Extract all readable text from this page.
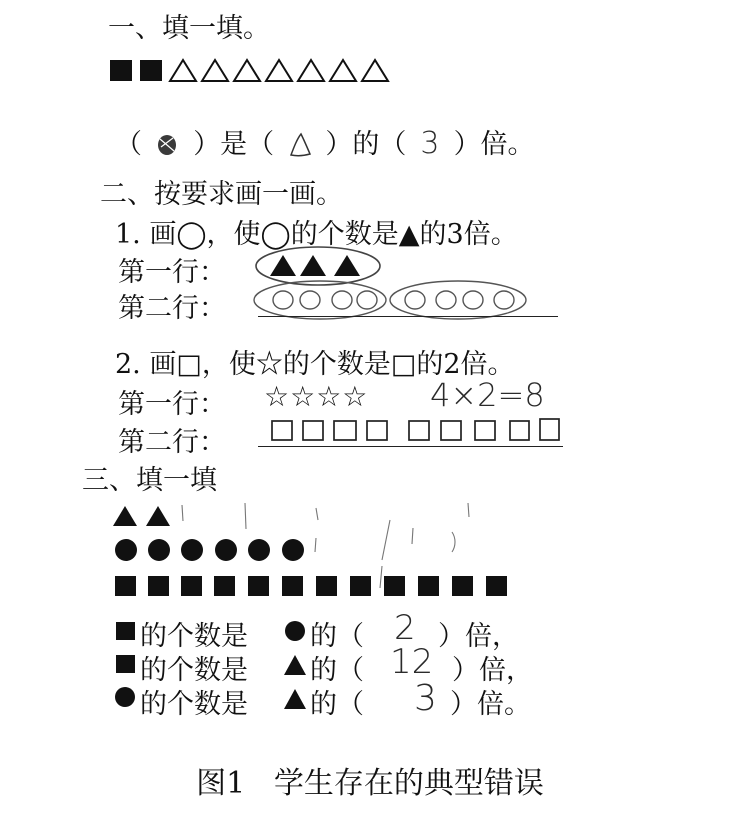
一、填一填。
（ ）是（ ）的（ 3 ）倍。
二、按要求画一画。
1. 画◯，使◯的个数是▲的3倍。
第一行：
第二行：
2. 画□，使☆的个数是□的2倍。
第一行： ☆☆☆☆ 4×2=8
第二行：
三、填一填
的个数是 的（ 2 ）倍，
的个数是 的（ 12 ）倍，
的个数是 的（ 3 ）倍。
图1   学生存在的典型错误
